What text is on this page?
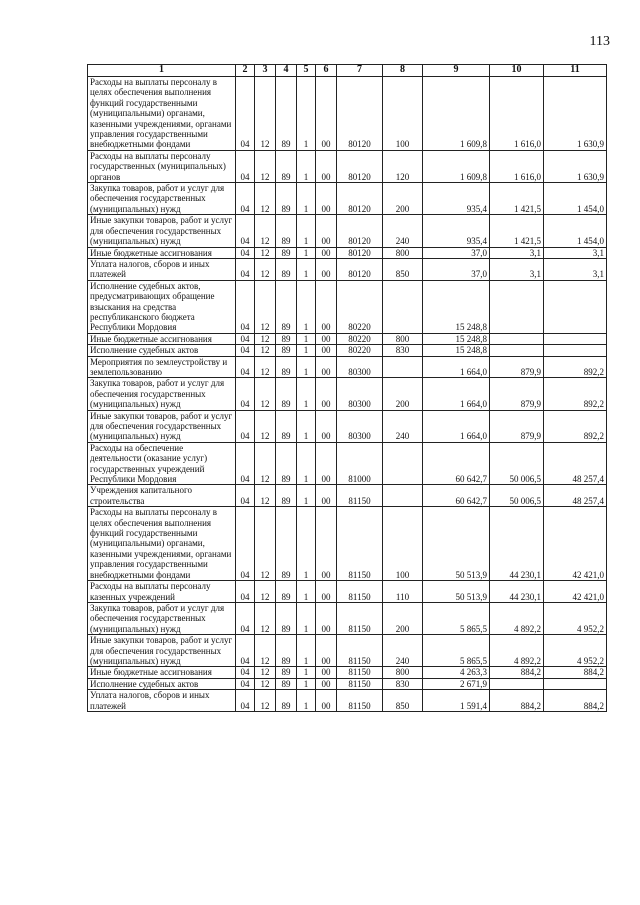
113
1	2	3	4	5	6	7	8	9	10	11
Расходы на выплаты персоналу в целях обеспечения выполнения функций государственными (муниципальными) органами, казенными учреждениями, органами управления государственными внебюджетными фондами	04	12	89	1	00	80120	100	1 609,8	1 616,0	1 630,9
Расходы на выплаты персоналу государственных (муниципальных) органов	04	12	89	1	00	80120	120	1 609,8	1 616,0	1 630,9
Закупка товаров, работ и услуг для обеспечения государственных (муниципальных) нужд	04	12	89	1	00	80120	200	935,4	1 421,5	1 454,0
Иные закупки товаров, работ и услуг для обеспечения государственных (муниципальных) нужд	04	12	89	1	00	80120	240	935,4	1 421,5	1 454,0
Иные бюджетные ассигнования	04	12	89	1	00	80120	800	37,0	3,1	3,1
Уплата налогов, сборов и иных платежей	04	12	89	1	00	80120	850	37,0	3,1	3,1
Исполнение судебных актов, предусматривающих обращение взыскания на средства республиканского бюджета Республики Мордовия	04	12	89	1	00	80220		15 248,8		
Иные бюджетные ассигнования	04	12	89	1	00	80220	800	15 248,8		
Исполнение судебных актов	04	12	89	1	00	80220	830	15 248,8		
Мероприятия по землеустройству и землепользованию	04	12	89	1	00	80300		1 664,0	879,9	892,2
Закупка товаров, работ и услуг для обеспечения государственных (муниципальных) нужд	04	12	89	1	00	80300	200	1 664,0	879,9	892,2
Иные закупки товаров, работ и услуг для обеспечения государственных (муниципальных) нужд	04	12	89	1	00	80300	240	1 664,0	879,9	892,2
Расходы на обеспечение деятельности (оказание услуг) государственных учреждений Республики Мордовия	04	12	89	1	00	81000		60 642,7	50 006,5	48 257,4
Учреждения капитального строительства	04	12	89	1	00	81150		60 642,7	50 006,5	48 257,4
Расходы на выплаты персоналу в целях обеспечения выполнения функций государственными (муниципальными) органами, казенными учреждениями, органами управления государственными внебюджетными фондами	04	12	89	1	00	81150	100	50 513,9	44 230,1	42 421,0
Расходы на выплаты персоналу казенных учреждений	04	12	89	1	00	81150	110	50 513,9	44 230,1	42 421,0
Закупка товаров, работ и услуг для обеспечения государственных (муниципальных) нужд	04	12	89	1	00	81150	200	5 865,5	4 892,2	4 952,2
Иные закупки товаров, работ и услуг для обеспечения государственных (муниципальных) нужд	04	12	89	1	00	81150	240	5 865,5	4 892,2	4 952,2
Иные бюджетные ассигнования	04	12	89	1	00	81150	800	4 263,3	884,2	884,2
Исполнение судебных актов	04	12	89	1	00	81150	830	2 671,9		
Уплата налогов, сборов и иных платежей	04	12	89	1	00	81150	850	1 591,4	884,2	884,2
